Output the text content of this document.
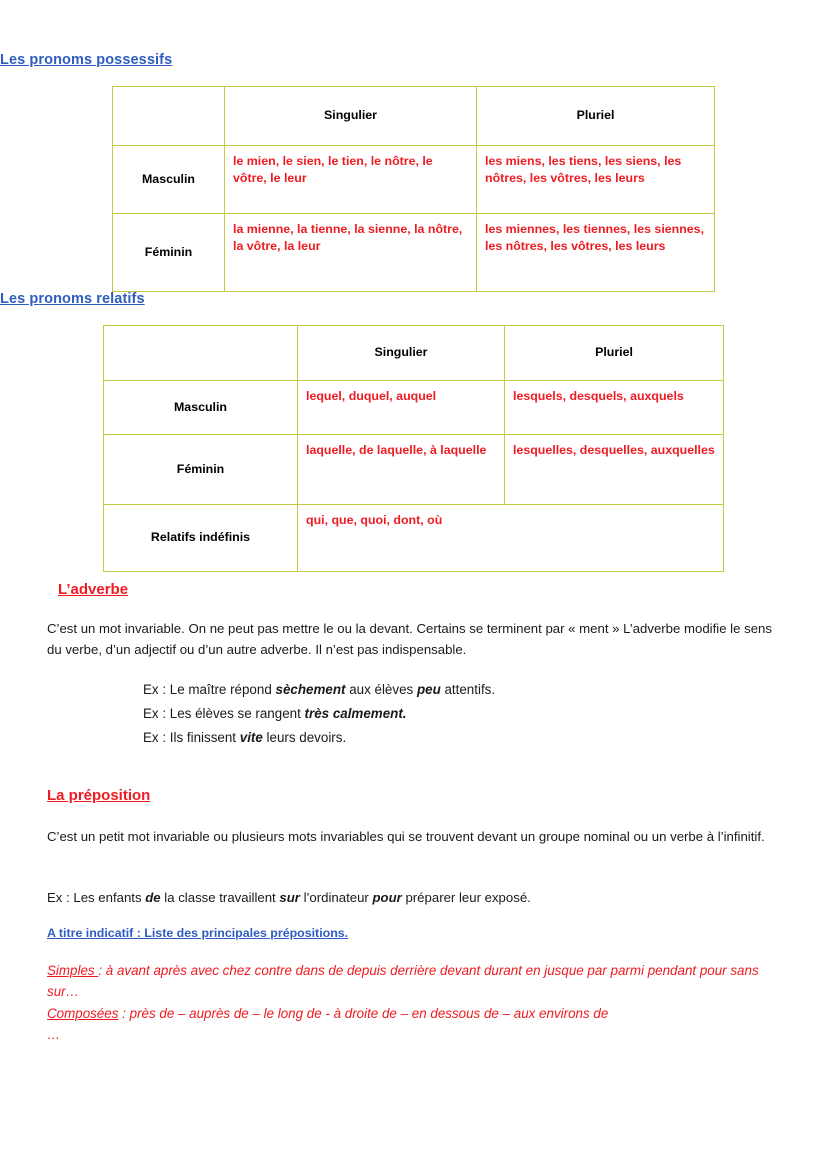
Les pronoms possessifs
	Singulier	Pluriel
Masculin	le mien, le sien, le tien, le nôtre, le vôtre, le leur	les miens, les tiens, les siens, les nôtres, les vôtres, les leurs
Féminin	la mienne, la tienne, la sienne, la nôtre, la vôtre, la leur	les miennes, les tiennes, les siennes, les nôtres, les vôtres, les leurs
Les pronoms relatifs
	Singulier	Pluriel
Masculin	lequel, duquel, auquel	lesquels, desquels, auxquels
Féminin	laquelle, de laquelle, à laquelle	lesquelles, desquelles, auxquelles
Relatifs indéfinis	qui, que, quoi, dont, où	
L’adverbe
C’est un mot invariable. On ne peut pas mettre le ou la devant. Certains se terminent par « ment » L’adverbe modifie le sens du verbe, d’un adjectif ou d’un autre adverbe. Il n’est pas indispensable.
Ex : Le maître répond sèchement aux élèves peu attentifs.
Ex : Les élèves se rangent très calmement.
Ex : Ils finissent vite leurs devoirs.
La préposition
C’est un petit mot invariable ou plusieurs mots invariables qui se trouvent devant un groupe nominal ou un verbe à l’infinitif.
Ex : Les enfants de la classe travaillent sur l’ordinateur pour préparer leur exposé.
A titre indicatif : Liste des principales prépositions.
Simples : à avant après avec chez contre dans de depuis derrière devant durant en jusque par parmi pendant pour sans sur…
Composées : près de – auprès de – le long de - à droite de – en dessous de – aux environs de
…
